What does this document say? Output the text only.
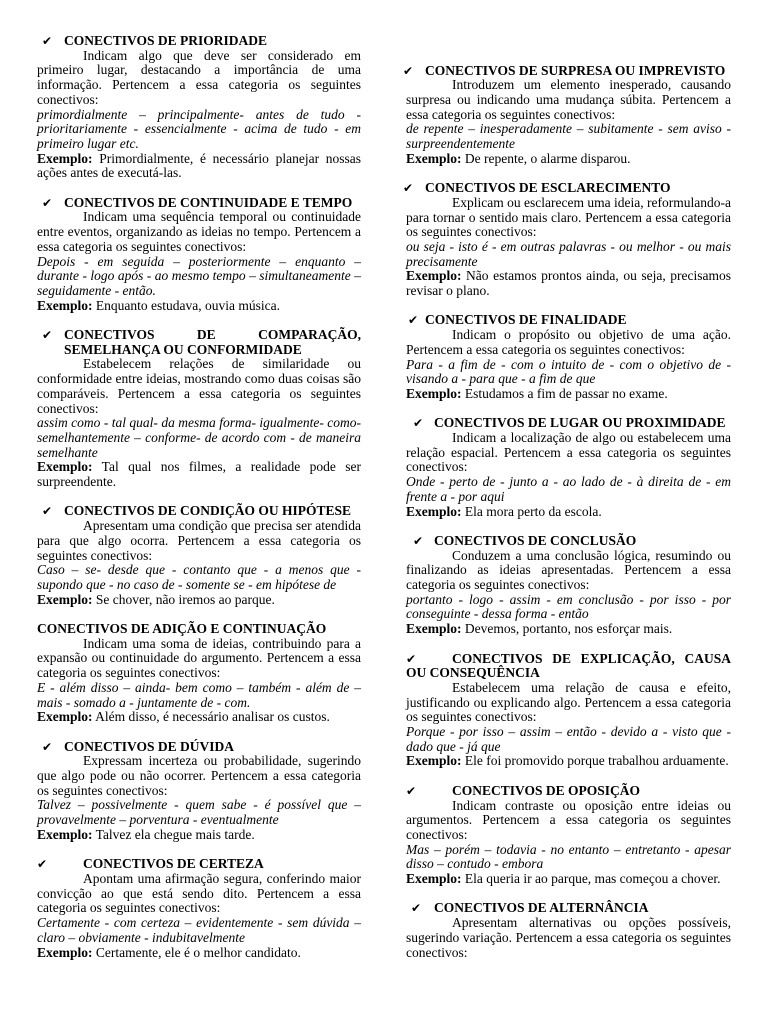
✔
CONECTIVOS DE PRIORIDADE

Indicam algo que deve ser considerado em primeiro lugar, destacando a importância de uma informação. Pertencem a essa categoria os seguintes conectivos:

primordialmente – principalmente- antes de tudo - prioritariamente - essencialmente - acima de tudo - em primeiro lugar etc.

Exemplo: Primordialmente, é necessário planejar nossas ações antes de executá-las.

✔
CONECTIVOS DE CONTINUIDADE E TEMPO

Indicam uma sequência temporal ou continuidade entre eventos, organizando as ideias no tempo. Pertencem a essa categoria os seguintes conectivos:

Depois - em seguida – posteriormente – enquanto – durante - logo após - ao mesmo tempo – simultaneamente – seguidamente - então.

Exemplo: Enquanto estudava, ouvia música.

✔
CONECTIVOS DE COMPARAÇÃO, SEMELHANÇA OU CONFORMIDADE

Estabelecem relações de similaridade ou conformidade entre ideias, mostrando como duas coisas são comparáveis. Pertencem a essa categoria os seguintes conectivos:

assim como - tal qual- da mesma forma- igualmente- como- semelhantemente – conforme- de acordo com - de maneira semelhante

Exemplo: Tal qual nos filmes, a realidade pode ser surpreendente.

✔
CONECTIVOS DE CONDIÇÃO OU HIPÓTESE

Apresentam uma condição que precisa ser atendida para que algo ocorra. Pertencem a essa categoria os seguintes conectivos:

Caso – se- desde que - contanto que - a menos que - supondo que - no caso de - somente se - em hipótese de

Exemplo: Se chover, não iremos ao parque.

CONECTIVOS DE ADIÇÃO E CONTINUAÇÃO

Indicam uma soma de ideias, contribuindo para a expansão ou continuidade do argumento. Pertencem a essa categoria os seguintes conectivos:

E - além disso – ainda- bem como – também - além de – mais - somado a - juntamente de - com.

Exemplo: Além disso, é necessário analisar os custos.

✔
CONECTIVOS DE DÚVIDA

Expressam incerteza ou probabilidade, sugerindo que algo pode ou não ocorrer. Pertencem a essa categoria os seguintes conectivos:

Talvez – possivelmente - quem sabe - é possível que – provavelmente – porventura - eventualmente

Exemplo: Talvez ela chegue mais tarde.

✔
CONECTIVOS DE CERTEZA

Apontam uma afirmação segura, conferindo maior convicção ao que está sendo dito. Pertencem a essa categoria os seguintes conectivos:

Certamente - com certeza – evidentemente - sem dúvida – claro – obviamente - indubitavelmente

Exemplo: Certamente, ele é o melhor candidato.

✔
CONECTIVOS DE SURPRESA OU IMPREVISTO

Introduzem um elemento inesperado, causando surpresa ou indicando uma mudança súbita. Pertencem a essa categoria os seguintes conectivos:

de repente – inesperadamente – subitamente - sem aviso - surpreendentemente

Exemplo: De repente, o alarme disparou.

✔
CONECTIVOS DE ESCLARECIMENTO

Explicam ou esclarecem uma ideia, reformulando-a para tornar o sentido mais claro. Pertencem a essa categoria os seguintes conectivos:

ou seja - isto é - em outras palavras - ou melhor - ou mais precisamente

Exemplo: Não estamos prontos ainda, ou seja, precisamos revisar o plano.

✔
CONECTIVOS DE FINALIDADE

Indicam o propósito ou objetivo de uma ação. Pertencem a essa categoria os seguintes conectivos:

Para - a fim de - com o intuito de - com o objetivo de - visando a - para que - a fim de que

Exemplo: Estudamos a fim de passar no exame.

✔
CONECTIVOS DE LUGAR OU PROXIMIDADE

Indicam a localização de algo ou estabelecem uma relação espacial. Pertencem a essa categoria os seguintes conectivos:

Onde - perto de - junto a - ao lado de - à direita de - em frente a - por aqui

Exemplo: Ela mora perto da escola.

✔
CONECTIVOS DE CONCLUSÃO

Conduzem a uma conclusão lógica, resumindo ou finalizando as ideias apresentadas. Pertencem a essa categoria os seguintes conectivos:

portanto - logo - assim - em conclusão - por isso - por conseguinte - dessa forma - então

Exemplo: Devemos, portanto, nos esforçar mais.

✔
CONECTIVOS DE EXPLICAÇÃO, CAUSA OU CONSEQUÊNCIA

Estabelecem uma relação de causa e efeito, justificando ou explicando algo. Pertencem a essa categoria os seguintes conectivos:

Porque - por isso – assim – então - devido a - visto que - dado que - já que

Exemplo: Ele foi promovido porque trabalhou arduamente.

✔
CONECTIVOS DE OPOSIÇÃO

Indicam contraste ou oposição entre ideias ou argumentos. Pertencem a essa categoria os seguintes conectivos:

Mas – porém – todavia - no entanto – entretanto - apesar disso – contudo - embora

Exemplo: Ela queria ir ao parque, mas começou a chover.

✔
CONECTIVOS DE ALTERNÂNCIA

Apresentam alternativas ou opções possíveis, sugerindo variação. Pertencem a essa categoria os seguintes conectivos:
